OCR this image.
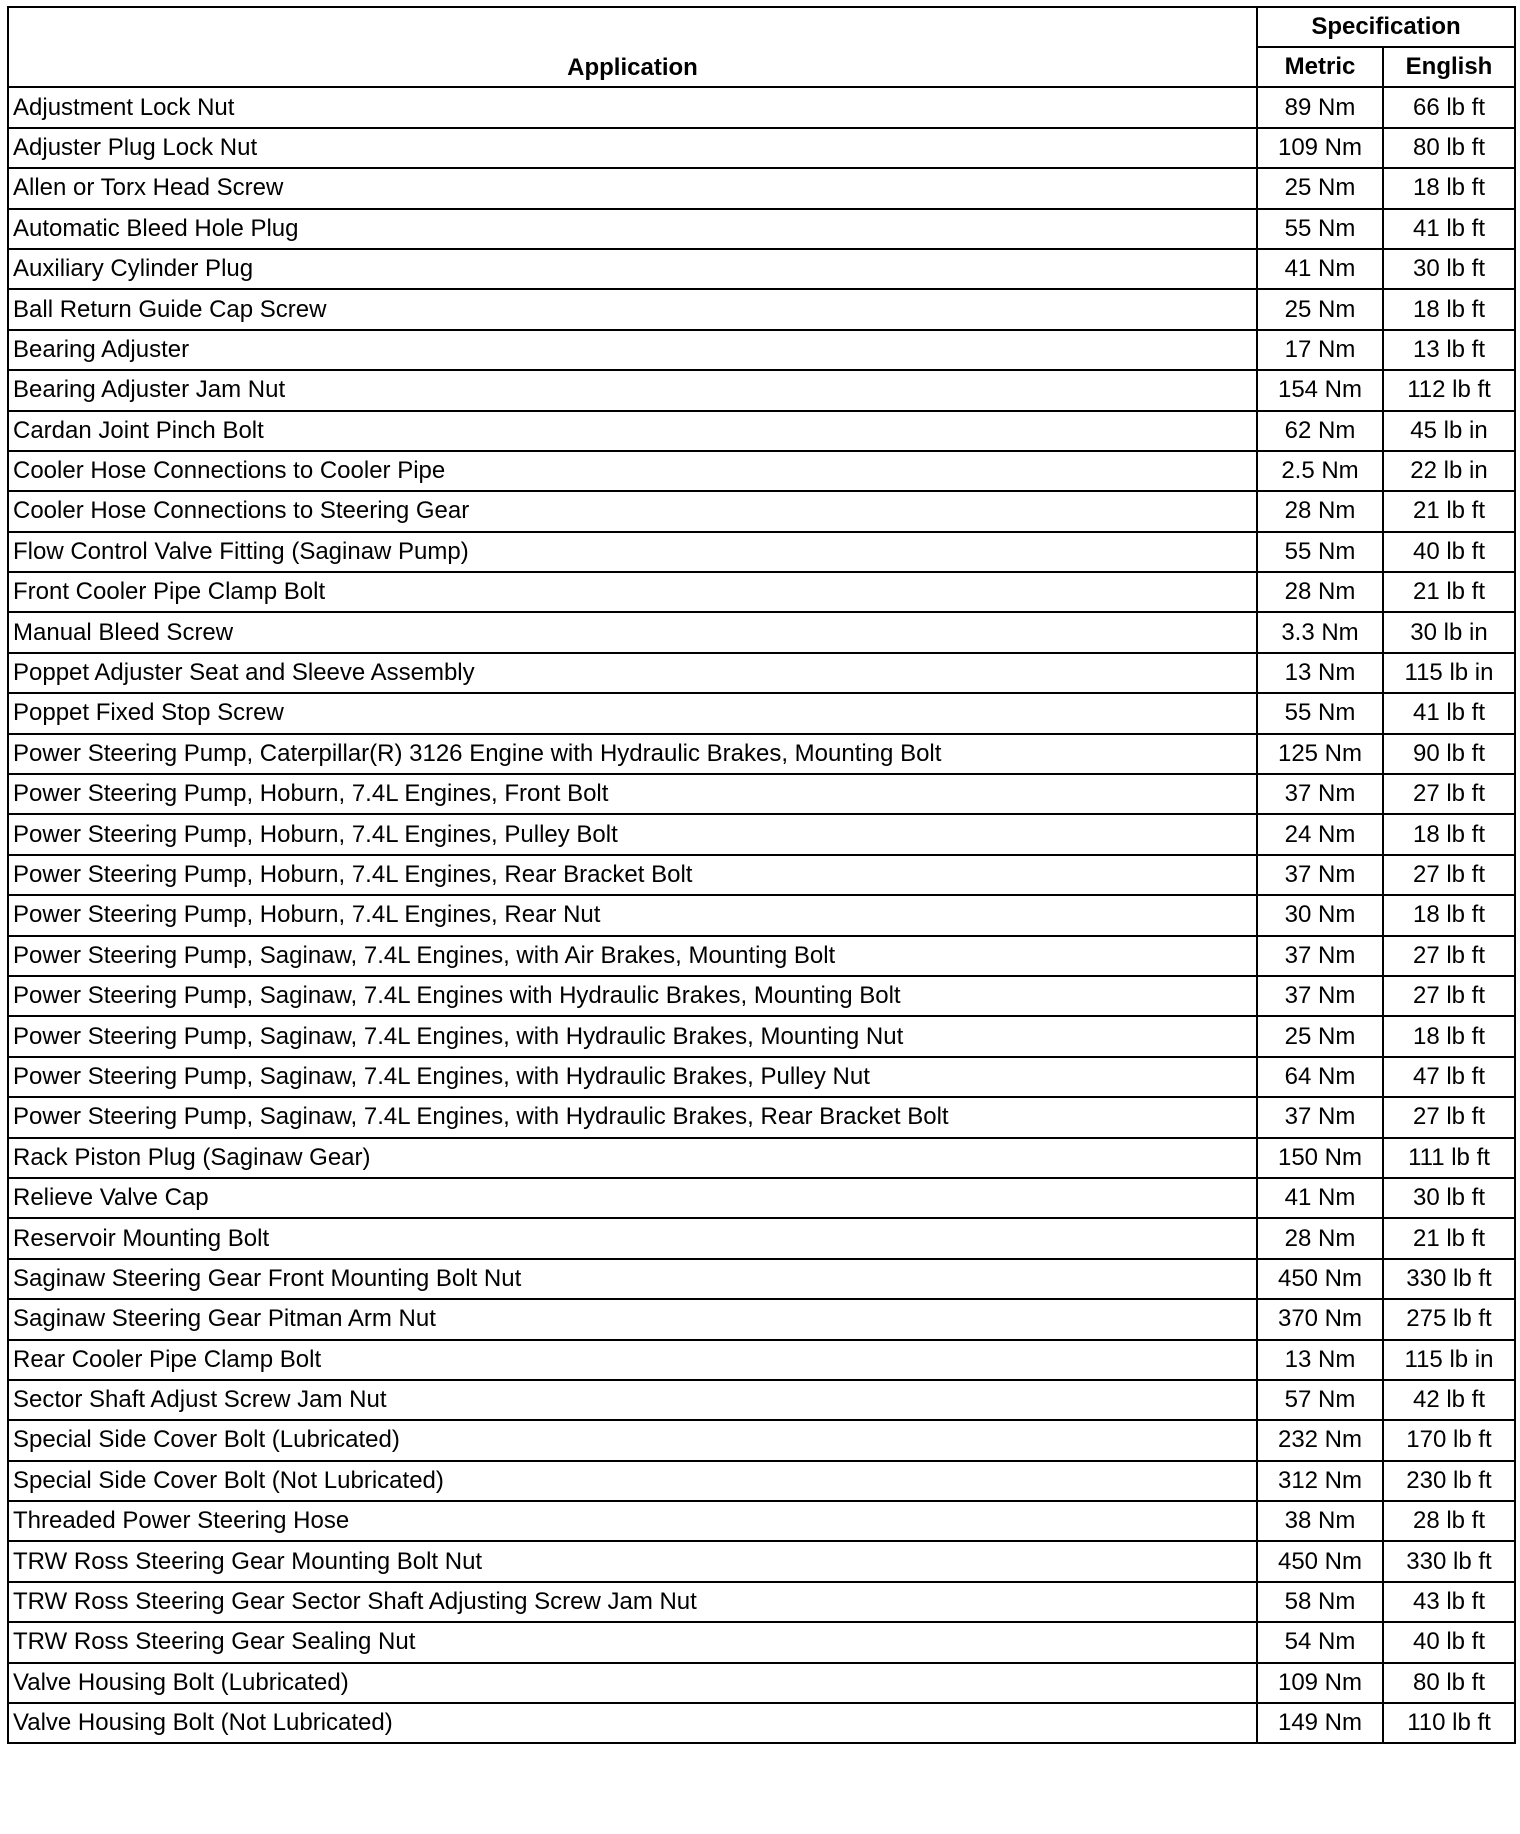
Application	Specification	
	Metric	English
Adjustment Lock Nut	89 Nm	66 lb ft
Adjuster Plug Lock Nut	109 Nm	80 lb ft
Allen or Torx Head Screw	25 Nm	18 lb ft
Automatic Bleed Hole Plug	55 Nm	41 lb ft
Auxiliary Cylinder Plug	41 Nm	30 lb ft
Ball Return Guide Cap Screw	25 Nm	18 lb ft
Bearing Adjuster	17 Nm	13 lb ft
Bearing Adjuster Jam Nut	154 Nm	112 lb ft
Cardan Joint Pinch Bolt	62 Nm	45 lb in
Cooler Hose Connections to Cooler Pipe	2.5 Nm	22 lb in
Cooler Hose Connections to Steering Gear	28 Nm	21 lb ft
Flow Control Valve Fitting (Saginaw Pump)	55 Nm	40 lb ft
Front Cooler Pipe Clamp Bolt	28 Nm	21 lb ft
Manual Bleed Screw	3.3 Nm	30 lb in
Poppet Adjuster Seat and Sleeve Assembly	13 Nm	115 lb in
Poppet Fixed Stop Screw	55 Nm	41 lb ft
Power Steering Pump, Caterpillar(R) 3126 Engine with Hydraulic Brakes, Mounting Bolt	125 Nm	90 lb ft
Power Steering Pump, Hoburn, 7.4L Engines, Front Bolt	37 Nm	27 lb ft
Power Steering Pump, Hoburn, 7.4L Engines, Pulley Bolt	24 Nm	18 lb ft
Power Steering Pump, Hoburn, 7.4L Engines, Rear Bracket Bolt	37 Nm	27 lb ft
Power Steering Pump, Hoburn, 7.4L Engines, Rear Nut	30 Nm	18 lb ft
Power Steering Pump, Saginaw, 7.4L Engines, with Air Brakes, Mounting Bolt	37 Nm	27 lb ft
Power Steering Pump, Saginaw, 7.4L Engines with Hydraulic Brakes, Mounting Bolt	37 Nm	27 lb ft
Power Steering Pump, Saginaw, 7.4L Engines, with Hydraulic Brakes, Mounting Nut	25 Nm	18 lb ft
Power Steering Pump, Saginaw, 7.4L Engines, with Hydraulic Brakes, Pulley Nut	64 Nm	47 lb ft
Power Steering Pump, Saginaw, 7.4L Engines, with Hydraulic Brakes, Rear Bracket Bolt	37 Nm	27 lb ft
Rack Piston Plug (Saginaw Gear)	150 Nm	111 lb ft
Relieve Valve Cap	41 Nm	30 lb ft
Reservoir Mounting Bolt	28 Nm	21 lb ft
Saginaw Steering Gear Front Mounting Bolt Nut	450 Nm	330 lb ft
Saginaw Steering Gear Pitman Arm Nut	370 Nm	275 lb ft
Rear Cooler Pipe Clamp Bolt	13 Nm	115 lb in
Sector Shaft Adjust Screw Jam Nut	57 Nm	42 lb ft
Special Side Cover Bolt (Lubricated)	232 Nm	170 lb ft
Special Side Cover Bolt (Not Lubricated)	312 Nm	230 lb ft
Threaded Power Steering Hose	38 Nm	28 lb ft
TRW Ross Steering Gear Mounting Bolt Nut	450 Nm	330 lb ft
TRW Ross Steering Gear Sector Shaft Adjusting Screw Jam Nut	58 Nm	43 lb ft
TRW Ross Steering Gear Sealing Nut	54 Nm	40 lb ft
Valve Housing Bolt (Lubricated)	109 Nm	80 lb ft
Valve Housing Bolt (Not Lubricated)	149 Nm	110 lb ft
